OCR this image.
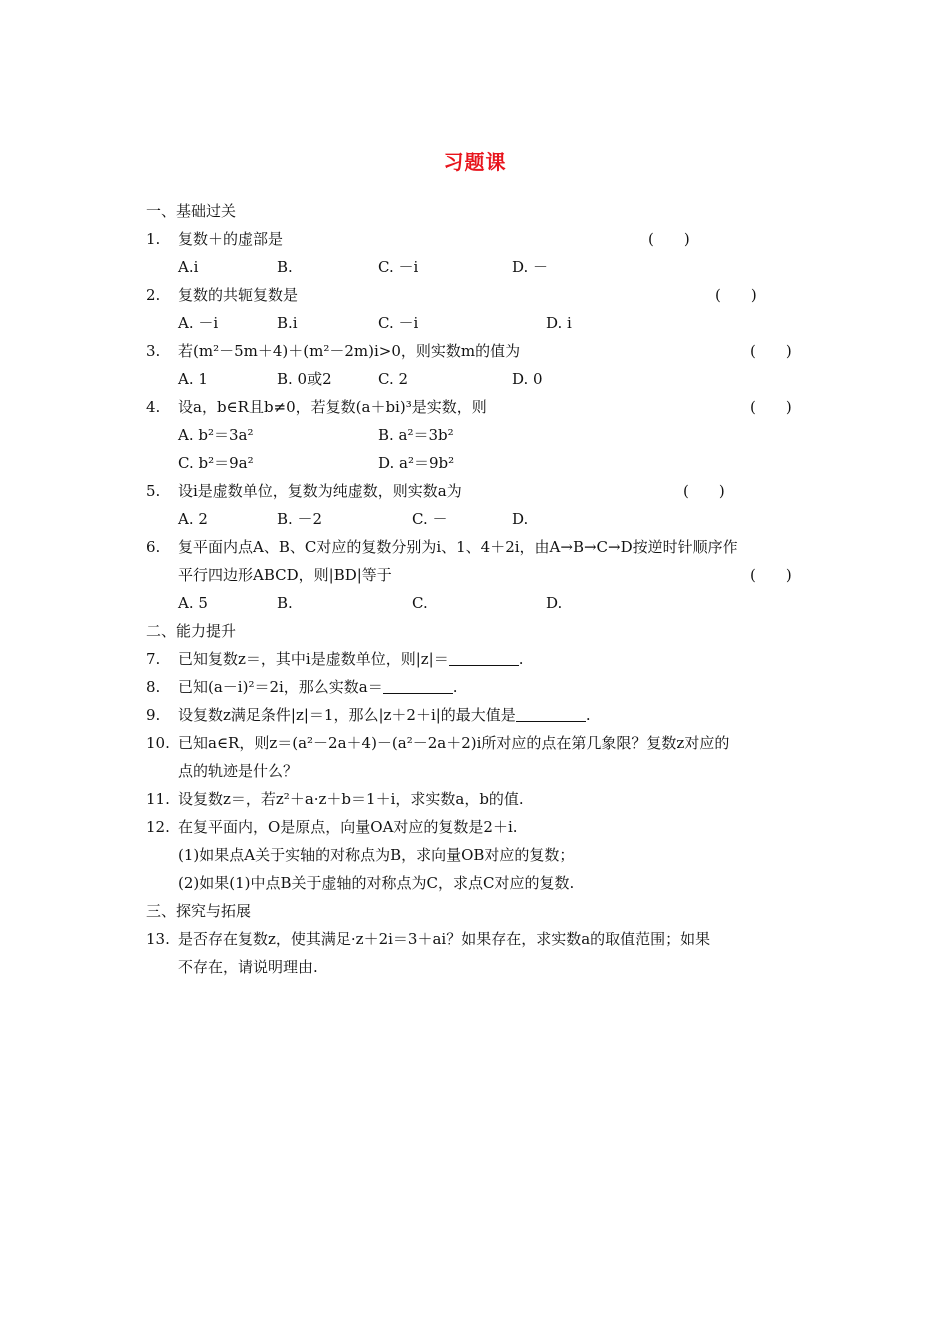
习题课
一、基础过关
1. 复数＋的虚部是	(　　)
A.i	B.	C. －i	D. －
2. 复数的共轭复数是	(　　)
A. －i	B.i	C. －i	D. i
3. 若(m²－5m＋4)＋(m²－2m)i>0，则实数m的值为	(　　)
A. 1	B. 0或2	C. 2	D. 0
4. 设a，b∈R且b≠0，若复数(a＋bi)³是实数，则	(　　)
A. b²＝3a²	B. a²＝3b²
C. b²＝9a²	D. a²＝9b²
5. 设i是虚数单位，复数为纯虚数，则实数a为	(　　)
A. 2	B. －2	C. －	D.
6. 复平面内点A、B、C对应的复数分别为i、1、4＋2i，由A→B→C→D按逆时针顺序作
平行四边形ABCD，则|BD|等于	(　　)
A. 5	B.	C.	D.
二、能力提升
7. 已知复数z＝，其中i是虚数单位，则|z|＝	.
8. 已知(a－i)²＝2i，那么实数a＝	.
9. 设复数z满足条件|z|＝1，那么|z＋2＋i|的最大值是	.
10. 已知a∈R，则z＝(a²－2a＋4)－(a²－2a＋2)i所对应的点在第几象限？复数z对应的
点的轨迹是什么？
11. 设复数z＝，若z²＋a·z＋b＝1＋i，求实数a，b的值.
12. 在复平面内，O是原点，向量OA对应的复数是2＋i.
(1)如果点A关于实轴的对称点为B，求向量OB对应的复数；
(2)如果(1)中点B关于虚轴的对称点为C，求点C对应的复数.
三、探究与拓展
13. 是否存在复数z，使其满足·z＋2i＝3＋ai？如果存在，求实数a的取值范围；如果
不存在，请说明理由.
